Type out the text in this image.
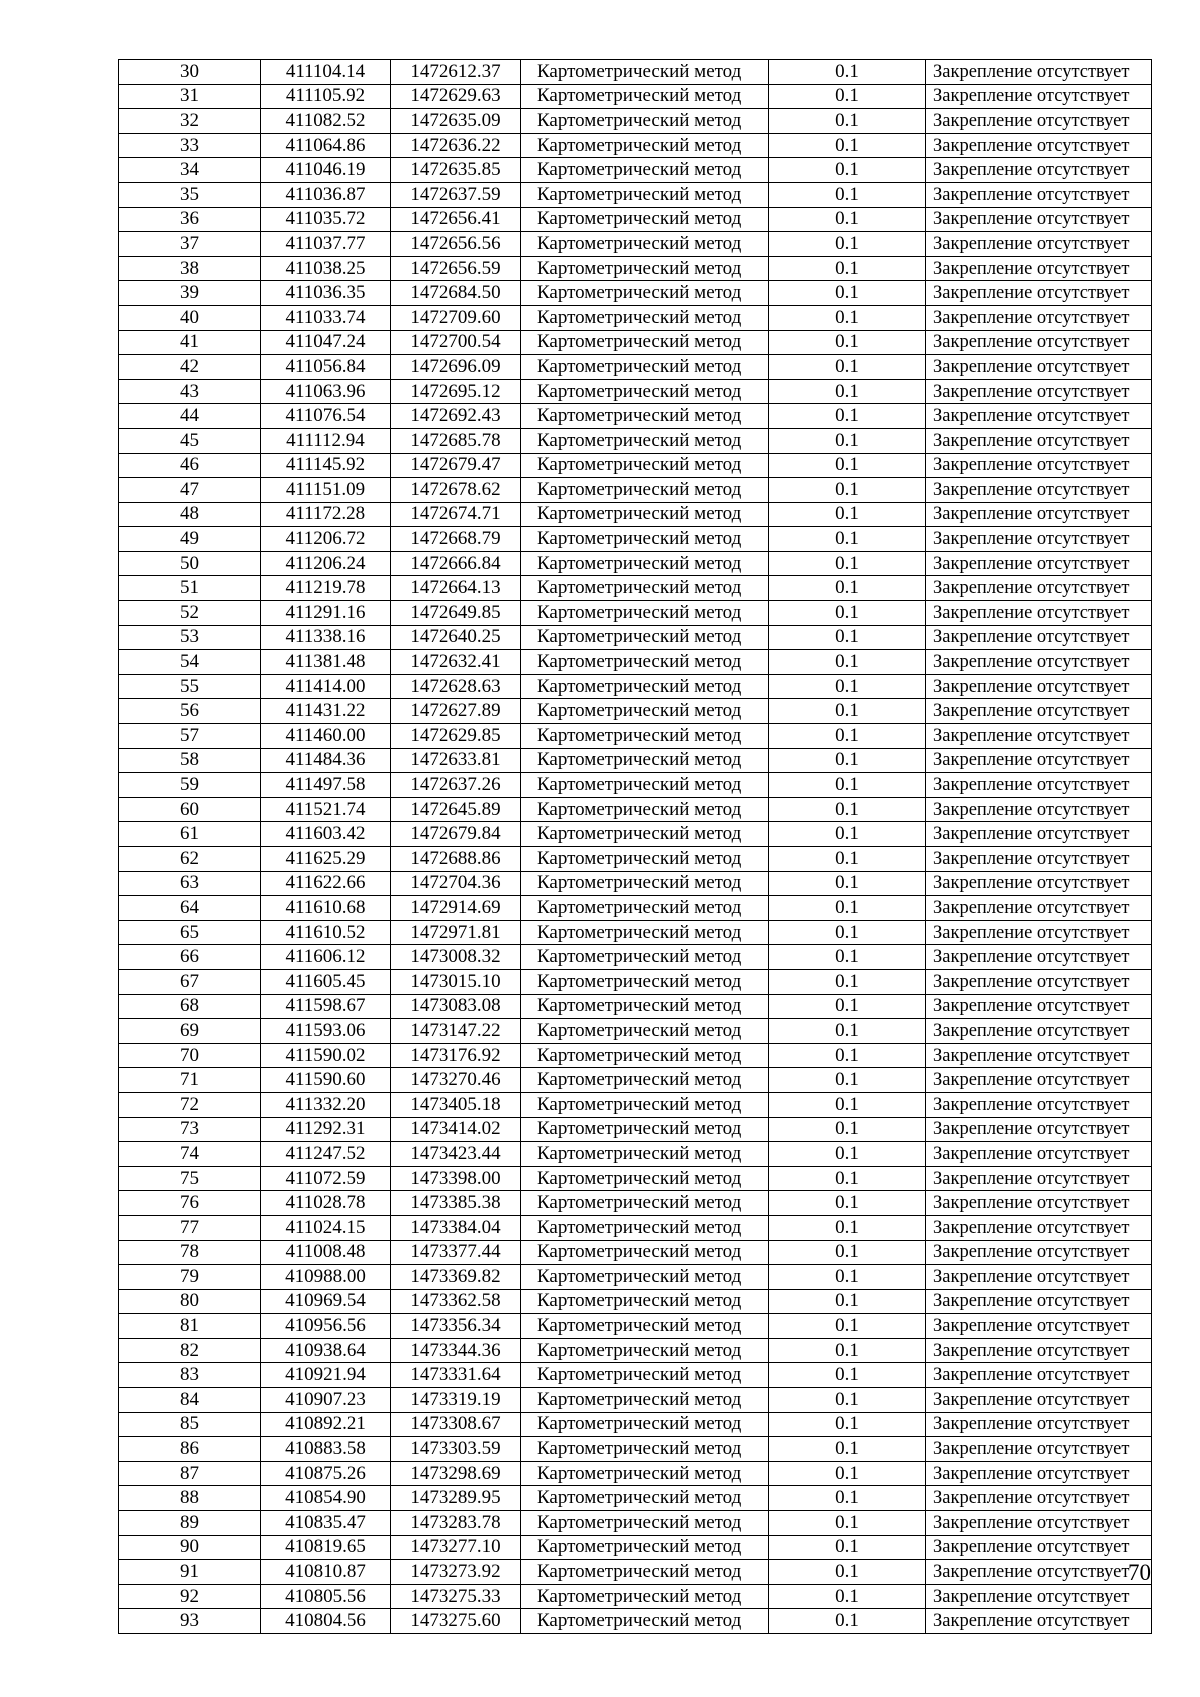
30	411104.14	1472612.37	Картометрический метод	0.1	Закрепление отсутствует
31	411105.92	1472629.63	Картометрический метод	0.1	Закрепление отсутствует
32	411082.52	1472635.09	Картометрический метод	0.1	Закрепление отсутствует
33	411064.86	1472636.22	Картометрический метод	0.1	Закрепление отсутствует
34	411046.19	1472635.85	Картометрический метод	0.1	Закрепление отсутствует
35	411036.87	1472637.59	Картометрический метод	0.1	Закрепление отсутствует
36	411035.72	1472656.41	Картометрический метод	0.1	Закрепление отсутствует
37	411037.77	1472656.56	Картометрический метод	0.1	Закрепление отсутствует
38	411038.25	1472656.59	Картометрический метод	0.1	Закрепление отсутствует
39	411036.35	1472684.50	Картометрический метод	0.1	Закрепление отсутствует
40	411033.74	1472709.60	Картометрический метод	0.1	Закрепление отсутствует
41	411047.24	1472700.54	Картометрический метод	0.1	Закрепление отсутствует
42	411056.84	1472696.09	Картометрический метод	0.1	Закрепление отсутствует
43	411063.96	1472695.12	Картометрический метод	0.1	Закрепление отсутствует
44	411076.54	1472692.43	Картометрический метод	0.1	Закрепление отсутствует
45	411112.94	1472685.78	Картометрический метод	0.1	Закрепление отсутствует
46	411145.92	1472679.47	Картометрический метод	0.1	Закрепление отсутствует
47	411151.09	1472678.62	Картометрический метод	0.1	Закрепление отсутствует
48	411172.28	1472674.71	Картометрический метод	0.1	Закрепление отсутствует
49	411206.72	1472668.79	Картометрический метод	0.1	Закрепление отсутствует
50	411206.24	1472666.84	Картометрический метод	0.1	Закрепление отсутствует
51	411219.78	1472664.13	Картометрический метод	0.1	Закрепление отсутствует
52	411291.16	1472649.85	Картометрический метод	0.1	Закрепление отсутствует
53	411338.16	1472640.25	Картометрический метод	0.1	Закрепление отсутствует
54	411381.48	1472632.41	Картометрический метод	0.1	Закрепление отсутствует
55	411414.00	1472628.63	Картометрический метод	0.1	Закрепление отсутствует
56	411431.22	1472627.89	Картометрический метод	0.1	Закрепление отсутствует
57	411460.00	1472629.85	Картометрический метод	0.1	Закрепление отсутствует
58	411484.36	1472633.81	Картометрический метод	0.1	Закрепление отсутствует
59	411497.58	1472637.26	Картометрический метод	0.1	Закрепление отсутствует
60	411521.74	1472645.89	Картометрический метод	0.1	Закрепление отсутствует
61	411603.42	1472679.84	Картометрический метод	0.1	Закрепление отсутствует
62	411625.29	1472688.86	Картометрический метод	0.1	Закрепление отсутствует
63	411622.66	1472704.36	Картометрический метод	0.1	Закрепление отсутствует
64	411610.68	1472914.69	Картометрический метод	0.1	Закрепление отсутствует
65	411610.52	1472971.81	Картометрический метод	0.1	Закрепление отсутствует
66	411606.12	1473008.32	Картометрический метод	0.1	Закрепление отсутствует
67	411605.45	1473015.10	Картометрический метод	0.1	Закрепление отсутствует
68	411598.67	1473083.08	Картометрический метод	0.1	Закрепление отсутствует
69	411593.06	1473147.22	Картометрический метод	0.1	Закрепление отсутствует
70	411590.02	1473176.92	Картометрический метод	0.1	Закрепление отсутствует
71	411590.60	1473270.46	Картометрический метод	0.1	Закрепление отсутствует
72	411332.20	1473405.18	Картометрический метод	0.1	Закрепление отсутствует
73	411292.31	1473414.02	Картометрический метод	0.1	Закрепление отсутствует
74	411247.52	1473423.44	Картометрический метод	0.1	Закрепление отсутствует
75	411072.59	1473398.00	Картометрический метод	0.1	Закрепление отсутствует
76	411028.78	1473385.38	Картометрический метод	0.1	Закрепление отсутствует
77	411024.15	1473384.04	Картометрический метод	0.1	Закрепление отсутствует
78	411008.48	1473377.44	Картометрический метод	0.1	Закрепление отсутствует
79	410988.00	1473369.82	Картометрический метод	0.1	Закрепление отсутствует
80	410969.54	1473362.58	Картометрический метод	0.1	Закрепление отсутствует
81	410956.56	1473356.34	Картометрический метод	0.1	Закрепление отсутствует
82	410938.64	1473344.36	Картометрический метод	0.1	Закрепление отсутствует
83	410921.94	1473331.64	Картометрический метод	0.1	Закрепление отсутствует
84	410907.23	1473319.19	Картометрический метод	0.1	Закрепление отсутствует
85	410892.21	1473308.67	Картометрический метод	0.1	Закрепление отсутствует
86	410883.58	1473303.59	Картометрический метод	0.1	Закрепление отсутствует
87	410875.26	1473298.69	Картометрический метод	0.1	Закрепление отсутствует
88	410854.90	1473289.95	Картометрический метод	0.1	Закрепление отсутствует
89	410835.47	1473283.78	Картометрический метод	0.1	Закрепление отсутствует
90	410819.65	1473277.10	Картометрический метод	0.1	Закрепление отсутствует
91	410810.87	1473273.92	Картометрический метод	0.1	Закрепление отсутствует
92	410805.56	1473275.33	Картометрический метод	0.1	Закрепление отсутствует
93	410804.56	1473275.60	Картометрический метод	0.1	Закрепление отсутствует
70
